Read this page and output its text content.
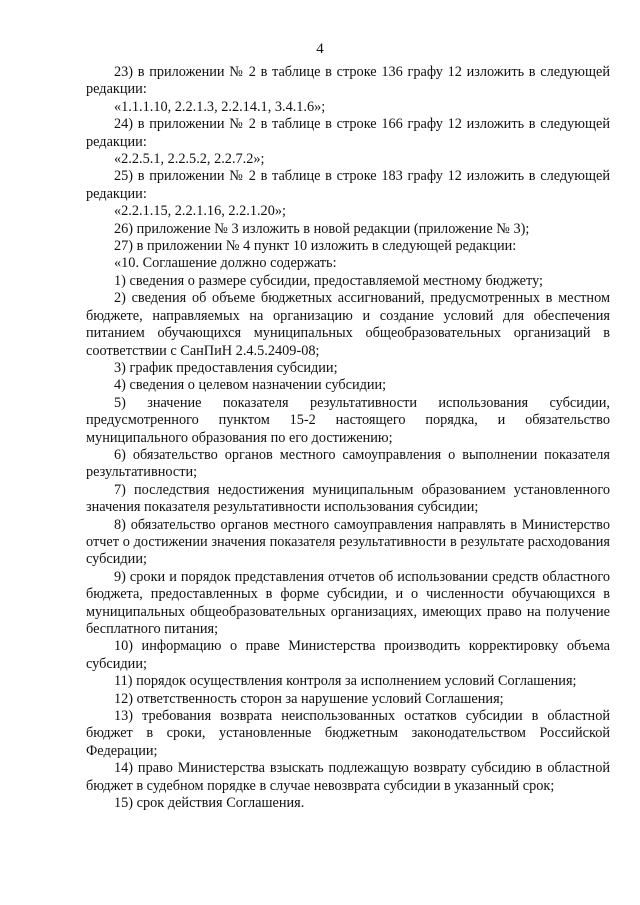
4

23) в приложении № 2 в таблице в строке 136 графу 12 изложить в следующей редакции:

«1.1.1.10, 2.2.1.3, 2.2.14.1, 3.4.1.6»;

24) в приложении № 2 в таблице в строке 166 графу 12 изложить в следующей редакции:

«2.2.5.1, 2.2.5.2, 2.2.7.2»;

25) в приложении № 2 в таблице в строке 183 графу 12 изложить в следующей редакции:

«2.2.1.15, 2.2.1.16, 2.2.1.20»;

26) приложение № 3 изложить в новой редакции (приложение № 3);

27) в приложении № 4 пункт 10 изложить в следующей редакции:

«10. Соглашение должно содержать:

1) сведения о размере субсидии, предоставляемой местному бюджету;

2) сведения об объеме бюджетных ассигнований, предусмотренных в местном бюджете, направляемых на организацию и создание условий для обеспечения питанием обучающихся муниципальных общеобразовательных организаций в соответствии с СанПиН 2.4.5.2409-08;

3) график предоставления субсидии;

4) сведения о целевом назначении субсидии;

5) значение показателя результативности использования субсидии, предусмотренного пунктом 15-2 настоящего порядка, и обязательство муниципального образования по его достижению;

6) обязательство органов местного самоуправления о выполнении показателя результативности;

7) последствия недостижения муниципальным образованием установленного значения показателя результативности использования субсидии;

8) обязательство органов местного самоуправления направлять в Министерство отчет о достижении значения показателя результативности в результате расходования субсидии;

9) сроки и порядок представления отчетов об использовании средств областного бюджета, предоставленных в форме субсидии, и о численности обучающихся в муниципальных общеобразовательных организациях, имеющих право на получение бесплатного питания;

10) информацию о праве Министерства производить корректировку объема субсидии;

11) порядок осуществления контроля за исполнением условий Соглашения;

12) ответственность сторон за нарушение условий Соглашения;

13) требования возврата неиспользованных остатков субсидии в областной бюджет в сроки, установленные бюджетным законодательством Российской Федерации;

14) право Министерства взыскать подлежащую возврату субсидию в областной бюджет в судебном порядке в случае невозврата субсидии в указанный срок;

15) срок действия Соглашения.
